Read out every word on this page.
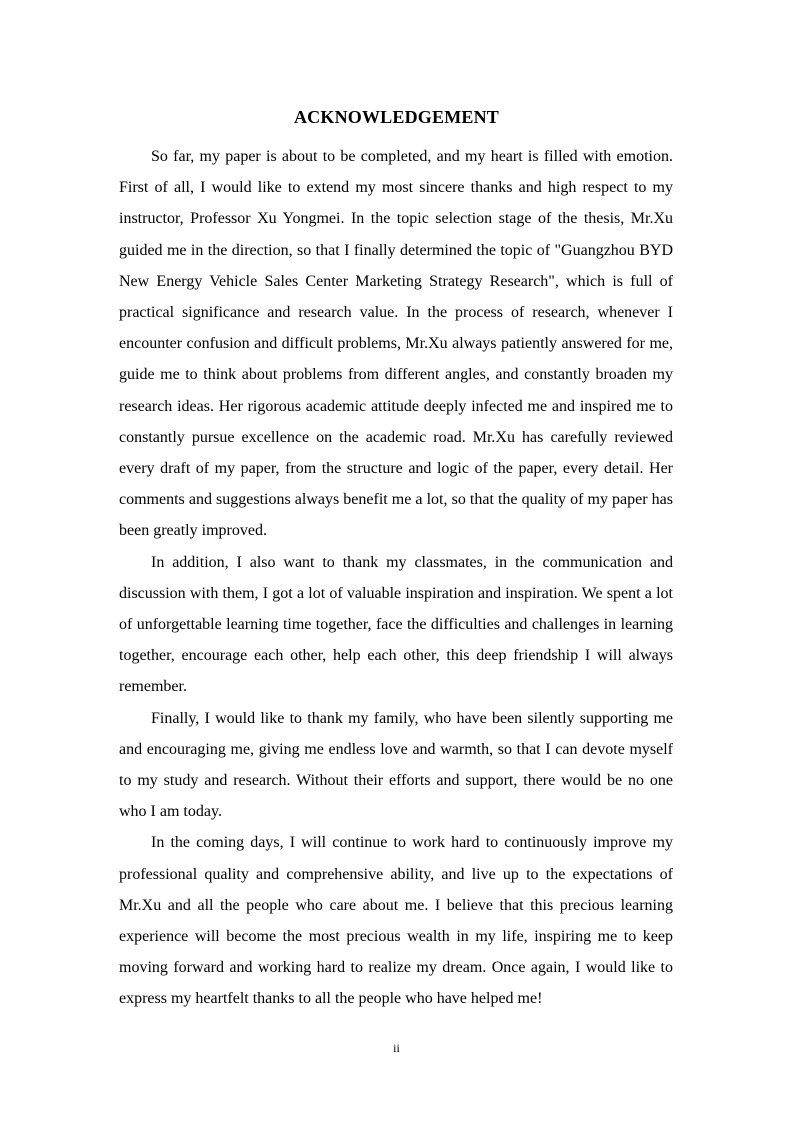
ACKNOWLEDGEMENT

So far, my paper is about to be completed, and my heart is filled with emotion. First of all, I would like to extend my most sincere thanks and high respect to my instructor, Professor Xu Yongmei. In the topic selection stage of the thesis, Mr.Xu guided me in the direction, so that I finally determined the topic of "Guangzhou BYD New Energy Vehicle Sales Center Marketing Strategy Research", which is full of practical significance and research value. In the process of research, whenever I encounter confusion and difficult problems, Mr.Xu always patiently answered for me, guide me to think about problems from different angles, and constantly broaden my research ideas. Her rigorous academic attitude deeply infected me and inspired me to constantly pursue excellence on the academic road. Mr.Xu has carefully reviewed every draft of my paper, from the structure and logic of the paper, every detail. Her comments and suggestions always benefit me a lot, so that the quality of my paper has been greatly improved.

In addition, I also want to thank my classmates, in the communication and discussion with them, I got a lot of valuable inspiration and inspiration. We spent a lot of unforgettable learning time together, face the difficulties and challenges in learning together, encourage each other, help each other, this deep friendship I will always remember.

Finally, I would like to thank my family, who have been silently supporting me and encouraging me, giving me endless love and warmth, so that I can devote myself to my study and research. Without their efforts and support, there would be no one who I am today.

In the coming days, I will continue to work hard to continuously improve my professional quality and comprehensive ability, and live up to the expectations of Mr.Xu and all the people who care about me. I believe that this precious learning experience will become the most precious wealth in my life, inspiring me to keep moving forward and working hard to realize my dream. Once again, I would like to express my heartfelt thanks to all the people who have helped me!

ii
